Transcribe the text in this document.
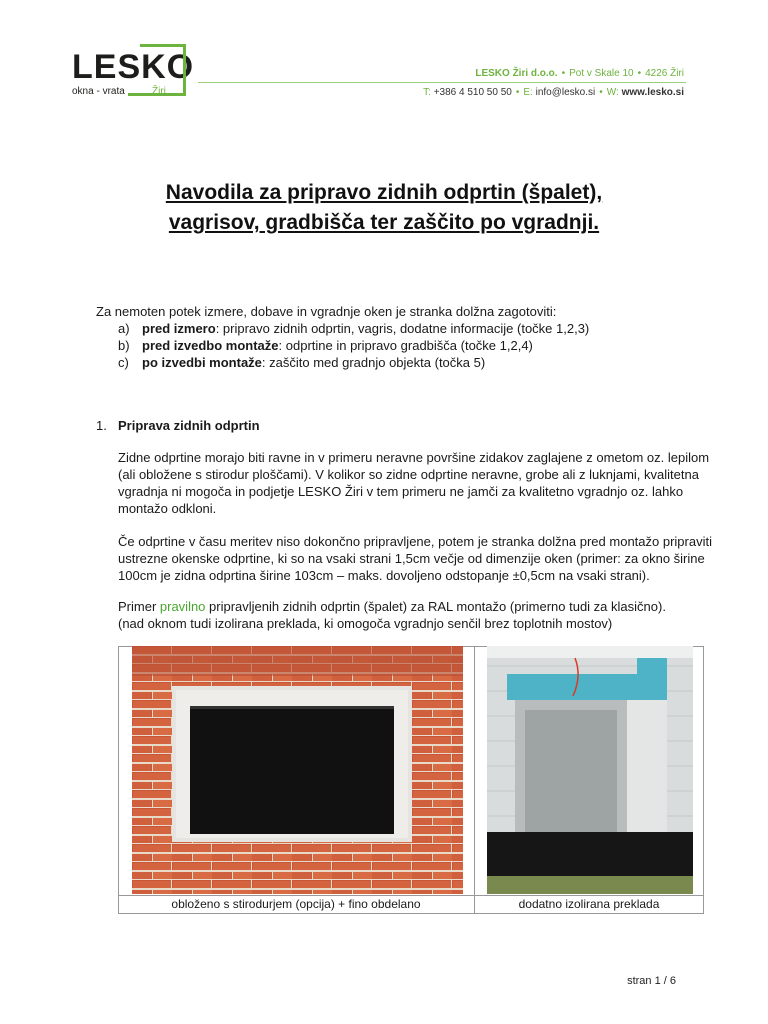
LESKO
okna - vrata	Žiri
LESKO Žiri d.o.o. • Pot v Skale 10 • 4226 Žiri
T: +386 4 510 50 50 • E: info@lesko.si • W: www.lesko.si
Navodila za pripravo zidnih odprtin (špalet),
vagrisov, gradbišča ter zaščito po vgradnji.
Za nemoten potek izmere, dobave in vgradnje oken je stranka dolžna zagotoviti:
a) pred izmero: pripravo zidnih odprtin, vagris, dodatne informacije (točke 1,2,3)
b) pred izvedbo montaže: odprtine in pripravo gradbišča (točke 1,2,4)
c) po izvedbi montaže: zaščito med gradnjo objekta (točka 5)
1. Priprava zidnih odprtin

Zidne odprtine morajo biti ravne in v primeru neravne površine zidakov zaglajene z ometom oz. lepilom (ali obložene s stirodur ploščami). V kolikor so zidne odprtine neravne, grobe ali z luknjami, kvalitetna vgradnja ni mogoča in podjetje LESKO Žiri v tem primeru ne jamči za kvalitetno vgradnjo oz. lahko montažo odkloni.

Če odprtine v času meritev niso dokončno pripravljene, potem je stranka dolžna pred montažo pripraviti ustrezne okenske odprtine, ki so na vsaki strani 1,5cm večje od dimenzije oken (primer: za okno širine 100cm je zidna odprtina širine 103cm – maks. dovoljeno odstopanje ±0,5cm na vsaki strani).

Primer pravilno pripravljenih zidnih odprtin (špalet) za RAL montažo (primerno tudi za klasično).

(nad oknom tudi izolirana preklada, ki omogoča vgradnjo senčil brez toplotnih mostov)

obloženo s stirodurjem (opcija) + fino obdelano	dodatno izolirana preklada
stran 1 / 6
